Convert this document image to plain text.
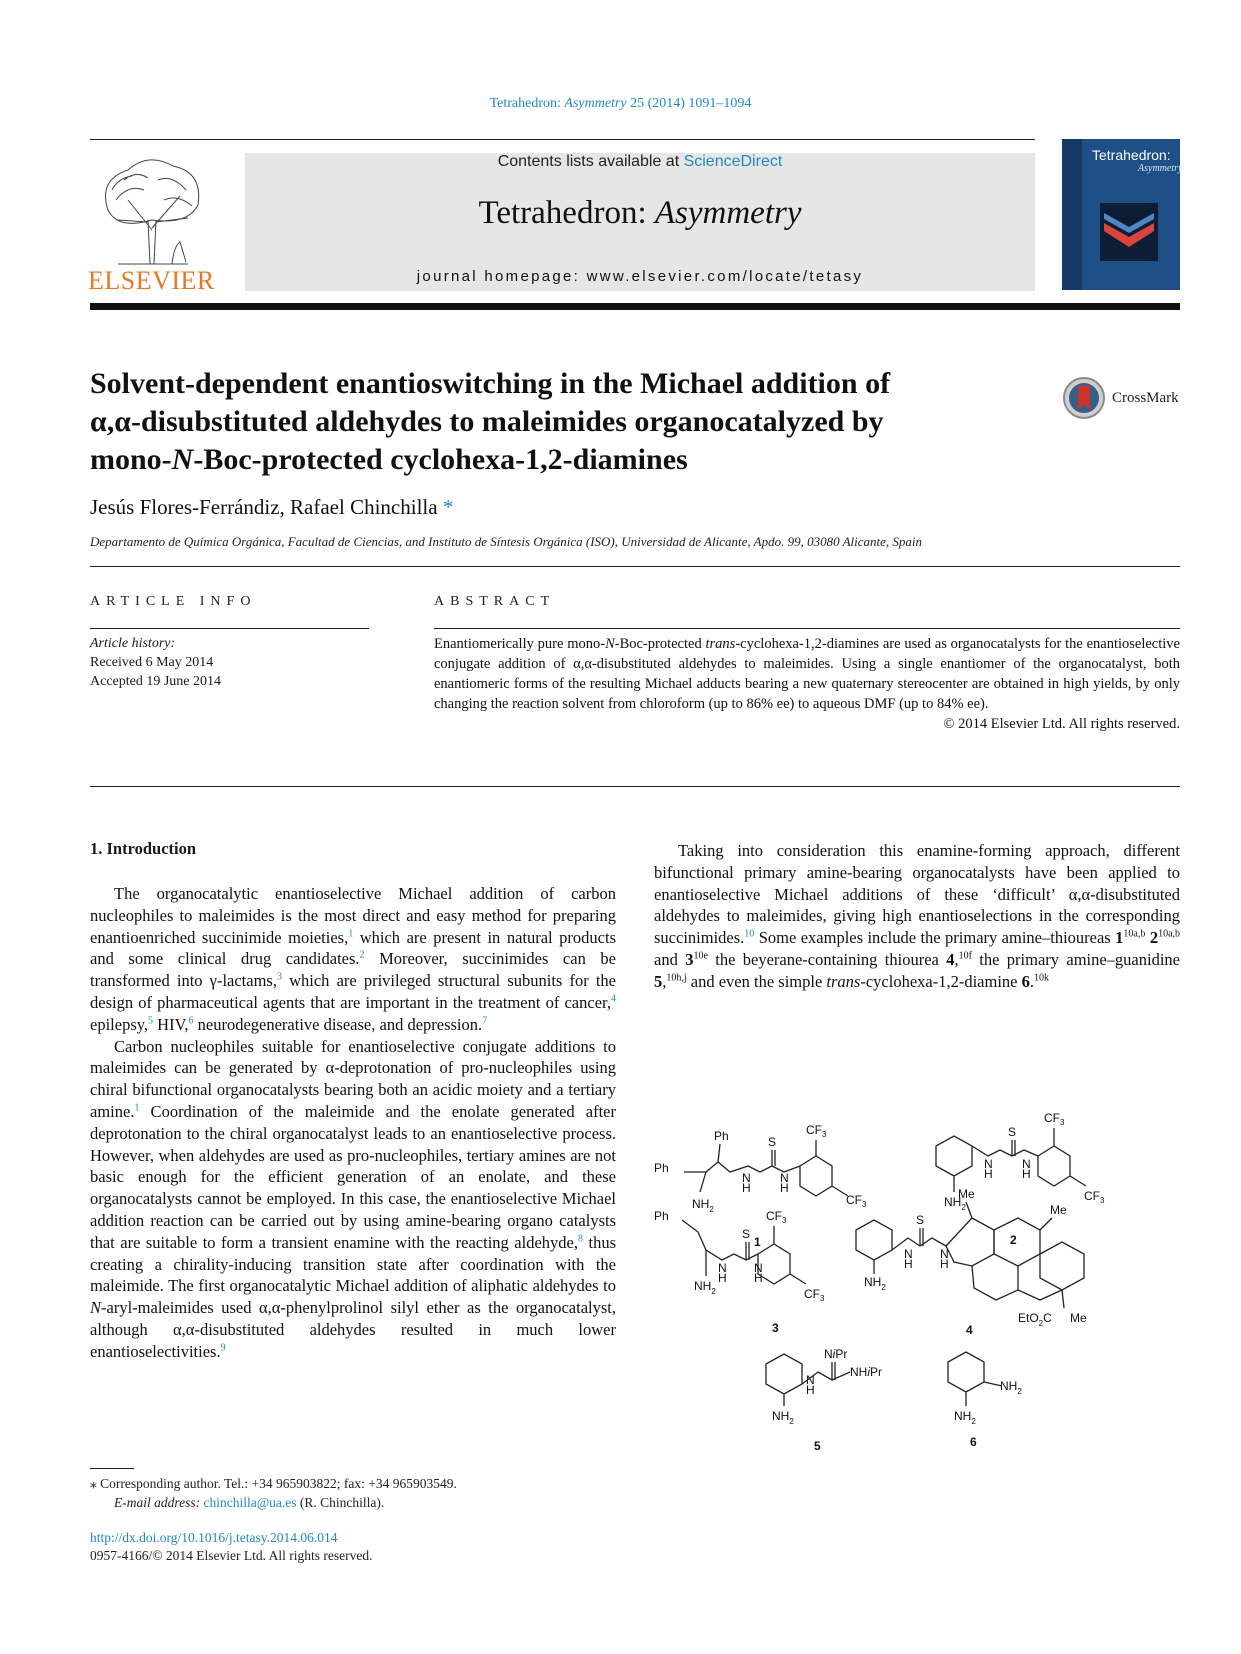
Tetrahedron: Asymmetry 25 (2014) 1091–1094
ELSEVIER
Contents lists available at ScienceDirect
Tetrahedron: Asymmetry
journal homepage: www.elsevier.com/locate/tetasy
Tetrahedron:
Asymmetry
Solvent-dependent enantioswitching in the Michael addition of
α,α-disubstituted aldehydes to maleimides organocatalyzed by
mono-N-Boc-protected cyclohexa-1,2-diamines
CrossMark
Jesús Flores-Ferrándiz, Rafael Chinchilla *
Departamento de Química Orgánica, Facultad de Ciencias, and Instituto de Síntesis Orgánica (ISO), Universidad de Alicante, Apdo. 99, 03080 Alicante, Spain
ARTICLE INFO
Article history:
Received 6 May 2014
Accepted 19 June 2014
ABSTRACT
Enantiomerically pure mono-N-Boc-protected trans-cyclohexa-1,2-diamines are used as organocatalysts for the enantioselective conjugate addition of α,α-disubstituted aldehydes to maleimides. Using a single enantiomer of the organocatalyst, both enantiomeric forms of the resulting Michael adducts bearing a new quaternary stereocenter are obtained in high yields, by only changing the reaction solvent from chloroform (up to 86% ee) to aqueous DMF (up to 84% ee).
© 2014 Elsevier Ltd. All rights reserved.
1. Introduction

The organocatalytic enantioselective Michael addition of carbon nucleophiles to maleimides is the most direct and easy method for preparing enantioenriched succinimide moieties,$^1$ which are present in natural products and some clinical drug candidates.$^2$ Moreover, succinimides can be transformed into γ-lactams,$^3$ which are privileged structural subunits for the design of pharmaceutical agents that are important in the treatment of cancer,$^4$ epilepsy,$^5$ HIV,$^6$ neurodegenerative disease, and depression.$^7$

Carbon nucleophiles suitable for enantioselective conjugate additions to maleimides can be generated by α-deprotonation of pro-nucleophiles using chiral bifunctional organocatalysts bearing both an acidic moiety and a tertiary amine.$^1$ Coordination of the maleimide and the enolate generated after deprotonation to the chiral organocatalyst leads to an enantioselective process. However, when aldehydes are used as pro-nucleophiles, tertiary amines are not basic enough for the efficient generation of an enolate, and these organocatalysts cannot be employed. In this case, the enantioselective Michael addition reaction can be carried out by using amine-bearing organo catalysts that are suitable to form a transient enamine with the reacting aldehyde,$^8$ thus creating a chirality-inducing transition state after coordination with the maleimide. The first organocatalytic Michael addition of aliphatic aldehydes to N-aryl-maleimides used α,α-phenylprolinol silyl ether as the organocatalyst, although α,α-disubstituted aldehydes resulted in much lower enantioselectivities.$^9$

Taking into consideration this enamine-forming approach, different bifunctional primary amine-bearing organocatalysts have been applied to enantioselective Michael additions of these ‘difficult’ α,α-disubstituted aldehydes to maleimides, giving high enantioselections in the corresponding succinimides.$^{10}$ Some examples include the primary amine–thioureas $1^{10a,b}$ $2^{10a,b}$ and $3^{10e}$ the beyerane-containing thiourea 4,$^{10f}$ the primary amine–guanidine 5,$^{10h,j}$ and even the simple trans-cyclohexa-1,2-diamine 6.$^{10k}$

Ph
Ph
$NH_2$
N H
S
N H
$CF_3$
$CF_3$
1
$NH_2$
N H
S
N H
$CF_3$
$CF_3$
2
Ph
$NH_2$
N H
S
N H
$CF_3$
$CF_3$
3
$NH_2$
N H
S
N H
Me
Me
EtO$_2$C Me
4
NiPr
NHiPr
N H
$NH_2$
5
$NH_2$
$NH_2$
6
⁎ Corresponding author. Tel.: +34 965903822; fax: +34 965903549.
E-mail address: chinchilla@ua.es (R. Chinchilla).
http://dx.doi.org/10.1016/j.tetasy.2014.06.014
0957-4166/© 2014 Elsevier Ltd. All rights reserved.
